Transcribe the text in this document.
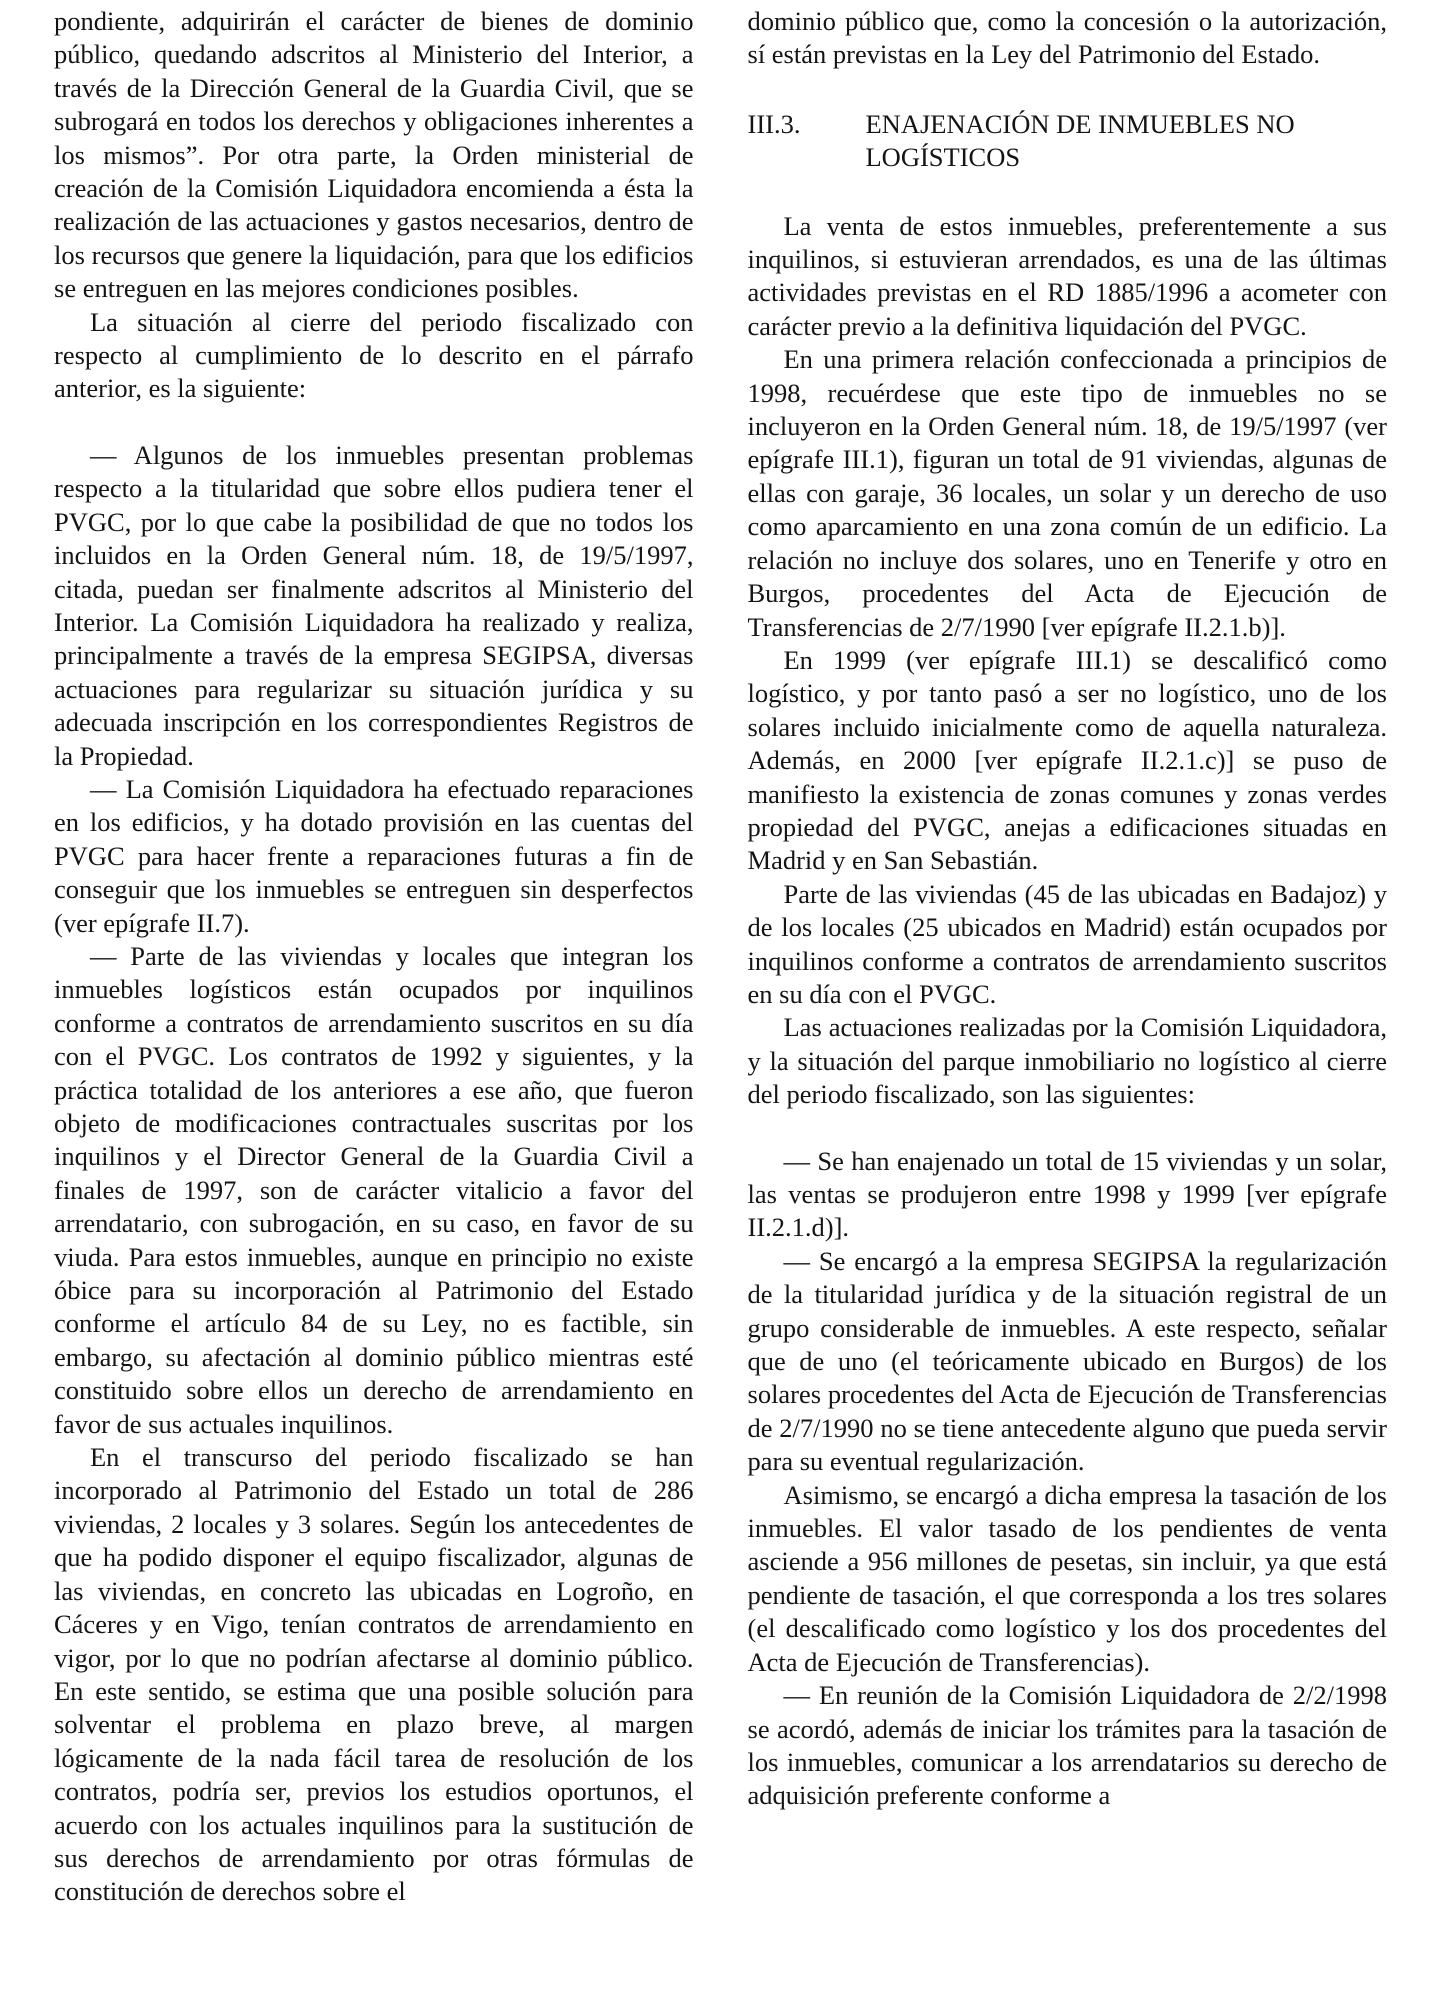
pondiente, adquirirán el carácter de bienes de dominio público, quedando adscritos al Ministerio del Interior, a través de la Dirección General de la Guardia Civil, que se subrogará en todos los derechos y obligaciones inherentes a los mismos”. Por otra parte, la Orden ministerial de creación de la Comisión Liquidadora encomienda a ésta la realización de las actuaciones y gastos necesarios, dentro de los recursos que genere la liquidación, para que los edificios se entreguen en las mejores condiciones posibles.

La situación al cierre del periodo fiscalizado con respecto al cumplimiento de lo descrito en el párrafo anterior, es la siguiente:

— Algunos de los inmuebles presentan problemas respecto a la titularidad que sobre ellos pudiera tener el PVGC, por lo que cabe la posibilidad de que no todos los incluidos en la Orden General núm. 18, de 19/5/1997, citada, puedan ser finalmente adscritos al Ministerio del Interior. La Comisión Liquidadora ha realizado y realiza, principalmente a través de la empresa SEGIPSA, diversas actuaciones para regularizar su situación jurídica y su adecuada inscripción en los correspondientes Registros de la Propiedad.

— La Comisión Liquidadora ha efectuado reparaciones en los edificios, y ha dotado provisión en las cuentas del PVGC para hacer frente a reparaciones futuras a fin de conseguir que los inmuebles se entreguen sin desperfectos (ver epígrafe II.7).

— Parte de las viviendas y locales que integran los inmuebles logísticos están ocupados por inquilinos conforme a contratos de arrendamiento suscritos en su día con el PVGC. Los contratos de 1992 y siguientes, y la práctica totalidad de los anteriores a ese año, que fueron objeto de modificaciones contractuales suscritas por los inquilinos y el Director General de la Guardia Civil a finales de 1997, son de carácter vitalicio a favor del arrendatario, con subrogación, en su caso, en favor de su viuda. Para estos inmuebles, aunque en principio no existe óbice para su incorporación al Patrimonio del Estado conforme el artículo 84 de su Ley, no es factible, sin embargo, su afectación al dominio público mientras esté constituido sobre ellos un derecho de arrendamiento en favor de sus actuales inquilinos.

En el transcurso del periodo fiscalizado se han incorporado al Patrimonio del Estado un total de 286 viviendas, 2 locales y 3 solares. Según los antecedentes de que ha podido disponer el equipo fiscalizador, algunas de las viviendas, en concreto las ubicadas en Logroño, en Cáceres y en Vigo, tenían contratos de arrendamiento en vigor, por lo que no podrían afectarse al dominio público. En este sentido, se estima que una posible solución para solventar el problema en plazo breve, al margen lógicamente de la nada fácil tarea de resolución de los contratos, podría ser, previos los estudios oportunos, el acuerdo con los actuales inquilinos para la sustitución de sus derechos de arrendamiento por otras fórmulas de constitución de derechos sobre el

dominio público que, como la concesión o la autorización, sí están previstas en la Ley del Patrimonio del Estado.

III.3.	ENAJENACIÓN DE INMUEBLES NO LOGÍSTICOS

La venta de estos inmuebles, preferentemente a sus inquilinos, si estuvieran arrendados, es una de las últimas actividades previstas en el RD 1885/1996 a acometer con carácter previo a la definitiva liquidación del PVGC.

En una primera relación confeccionada a principios de 1998, recuérdese que este tipo de inmuebles no se incluyeron en la Orden General núm. 18, de 19/5/1997 (ver epígrafe III.1), figuran un total de 91 viviendas, algunas de ellas con garaje, 36 locales, un solar y un derecho de uso como aparcamiento en una zona común de un edificio. La relación no incluye dos solares, uno en Tenerife y otro en Burgos, procedentes del Acta de Ejecución de Transferencias de 2/7/1990 [ver epígrafe II.2.1.b)].

En 1999 (ver epígrafe III.1) se descalificó como logístico, y por tanto pasó a ser no logístico, uno de los solares incluido inicialmente como de aquella naturaleza. Además, en 2000 [ver epígrafe II.2.1.c)] se puso de manifiesto la existencia de zonas comunes y zonas verdes propiedad del PVGC, anejas a edificaciones situadas en Madrid y en San Sebastián.

Parte de las viviendas (45 de las ubicadas en Badajoz) y de los locales (25 ubicados en Madrid) están ocupados por inquilinos conforme a contratos de arrendamiento suscritos en su día con el PVGC.

Las actuaciones realizadas por la Comisión Liquidadora, y la situación del parque inmobiliario no logístico al cierre del periodo fiscalizado, son las siguientes:

— Se han enajenado un total de 15 viviendas y un solar, las ventas se produjeron entre 1998 y 1999 [ver epígrafe II.2.1.d)].

— Se encargó a la empresa SEGIPSA la regularización de la titularidad jurídica y de la situación registral de un grupo considerable de inmuebles. A este respecto, señalar que de uno (el teóricamente ubicado en Burgos) de los solares procedentes del Acta de Ejecución de Transferencias de 2/7/1990 no se tiene antecedente alguno que pueda servir para su eventual regularización.

Asimismo, se encargó a dicha empresa la tasación de los inmuebles. El valor tasado de los pendientes de venta asciende a 956 millones de pesetas, sin incluir, ya que está pendiente de tasación, el que corresponda a los tres solares (el descalificado como logístico y los dos procedentes del Acta de Ejecución de Transferencias).

— En reunión de la Comisión Liquidadora de 2/2/1998 se acordó, además de iniciar los trámites para la tasación de los inmuebles, comunicar a los arrendatarios su derecho de adquisición preferente conforme a
